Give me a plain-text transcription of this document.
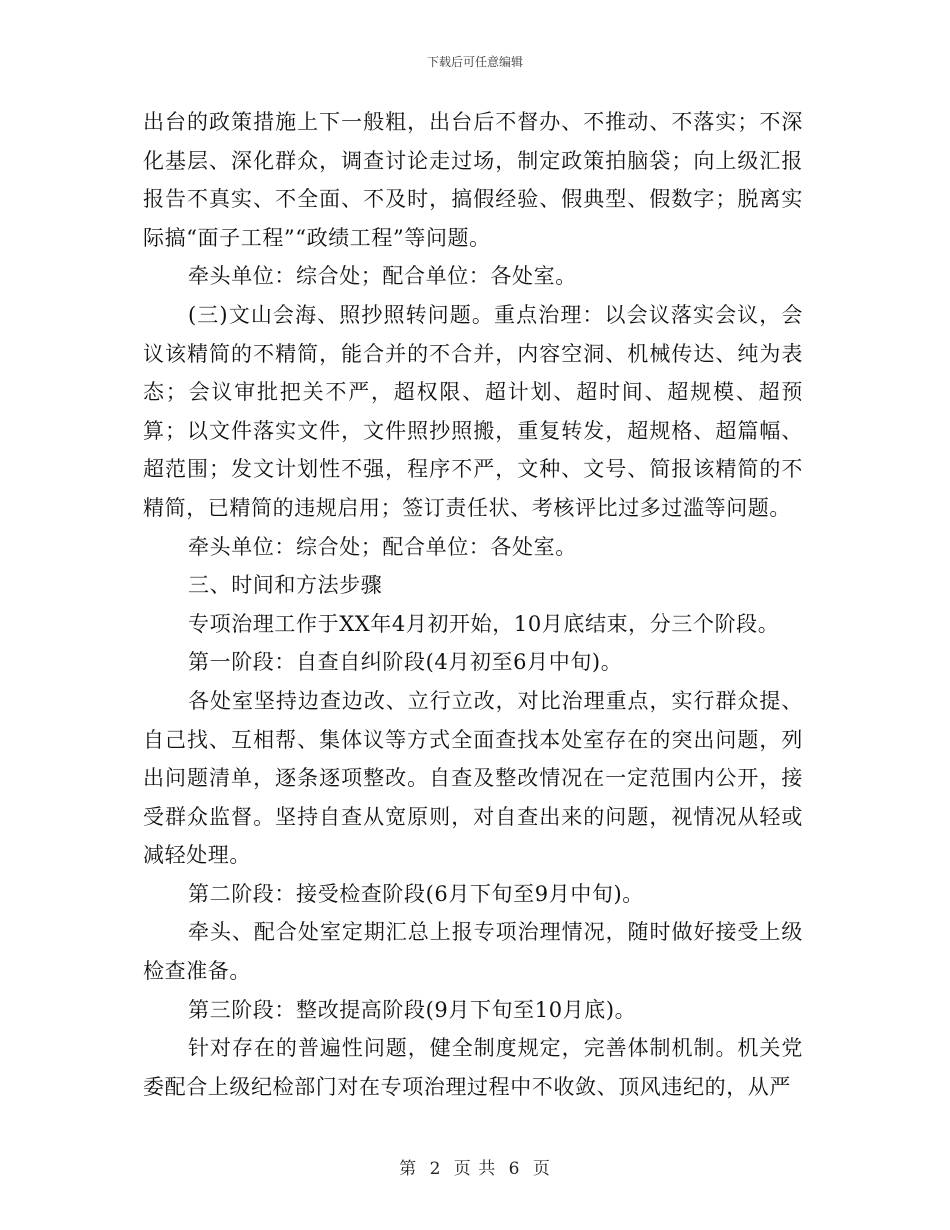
下载后可任意编辑

出台的政策措施上下一般粗，出台后不督办、不推动、不落实；不深化基层、深化群众，调查讨论走过场，制定政策拍脑袋；向上级汇报报告不真实、不全面、不及时，搞假经验、假典型、假数字；脱离实际搞“面子工程”“政绩工程”等问题。

牵头单位：综合处；配合单位：各处室。

(三)文山会海、照抄照转问题。重点治理：以会议落实会议，会议该精简的不精简，能合并的不合并，内容空洞、机械传达、纯为表态；会议审批把关不严，超权限、超计划、超时间、超规模、超预算；以文件落实文件，文件照抄照搬，重复转发，超规格、超篇幅、超范围；发文计划性不强，程序不严，文种、文号、简报该精简的不精简，已精简的违规启用；签订责任状、考核评比过多过滥等问题。

牵头单位：综合处；配合单位：各处室。

三、时间和方法步骤

专项治理工作于XX年4月初开始，10月底结束，分三个阶段。

第一阶段：自查自纠阶段(4月初至6月中旬)。

各处室坚持边查边改、立行立改，对比治理重点，实行群众提、自己找、互相帮、集体议等方式全面查找本处室存在的突出问题，列出问题清单，逐条逐项整改。自查及整改情况在一定范围内公开，接受群众监督。坚持自查从宽原则，对自查出来的问题，视情况从轻或减轻处理。

第二阶段：接受检查阶段(6月下旬至9月中旬)。

牵头、配合处室定期汇总上报专项治理情况，随时做好接受上级检查准备。

第三阶段：整改提高阶段(9月下旬至10月底)。

针对存在的普遍性问题，健全制度规定，完善体制机制。机关党委配合上级纪检部门对在专项治理过程中不收敛、顶风违纪的，从严

第 2 页 共 6 页
